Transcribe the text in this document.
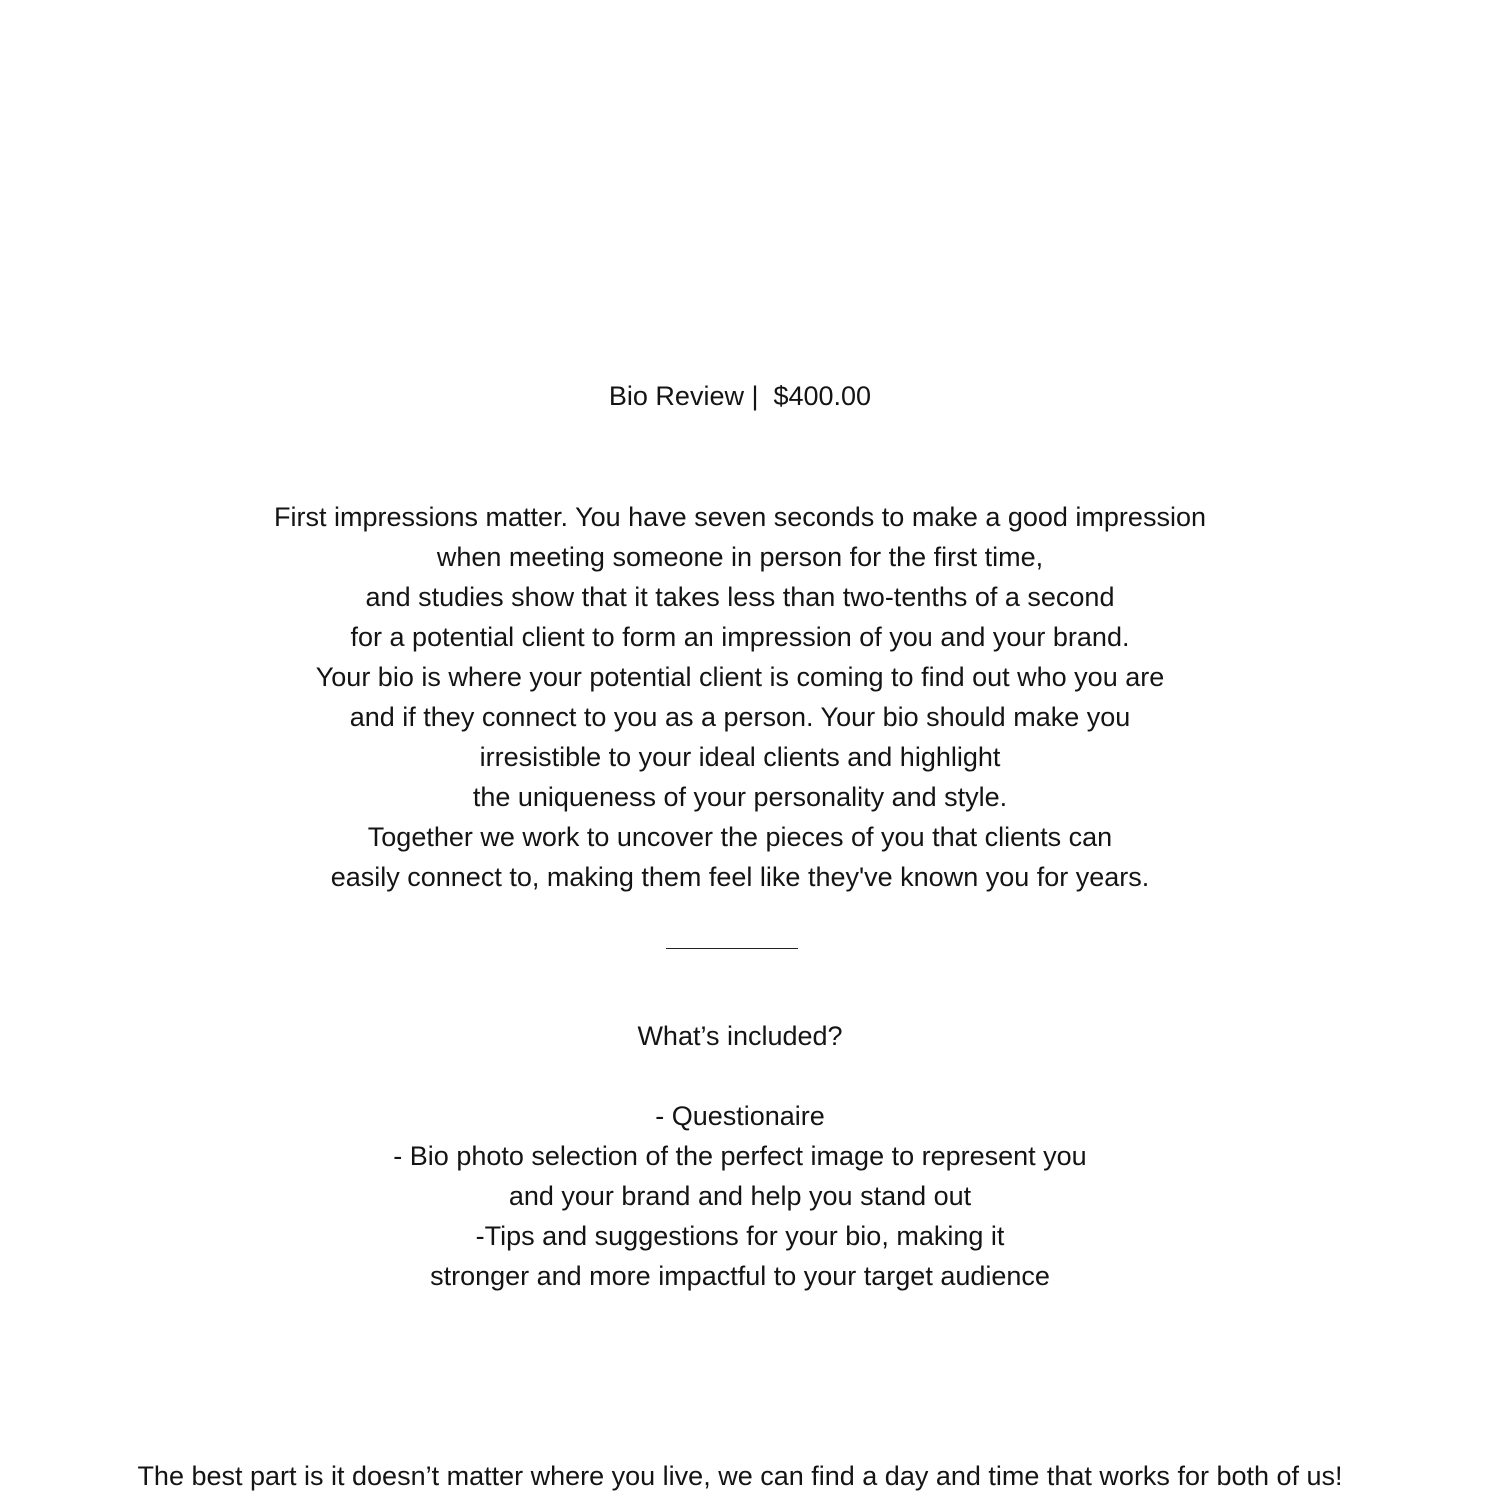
Bio Review |  $400.00
First impressions matter. You have seven seconds to make a good impression
when meeting someone in person for the first time,
and studies show that it takes less than two-tenths of a second
for a potential client to form an impression of you and your brand.
Your bio is where your potential client is coming to find out who you are
and if they connect to you as a person. Your bio should make you
irresistible to your ideal clients and highlight
the uniqueness of your personality and style.
Together we work to uncover the pieces of you that clients can
easily connect to, making them feel like they've known you for years.
What’s included?
- Questionaire
- Bio photo selection of the perfect image to represent you
and your brand and help you stand out
-Tips and suggestions for your bio, making it
stronger and more impactful to your target audience
The best part is it doesn’t matter where you live, we can find a day and time that works for both of us!
